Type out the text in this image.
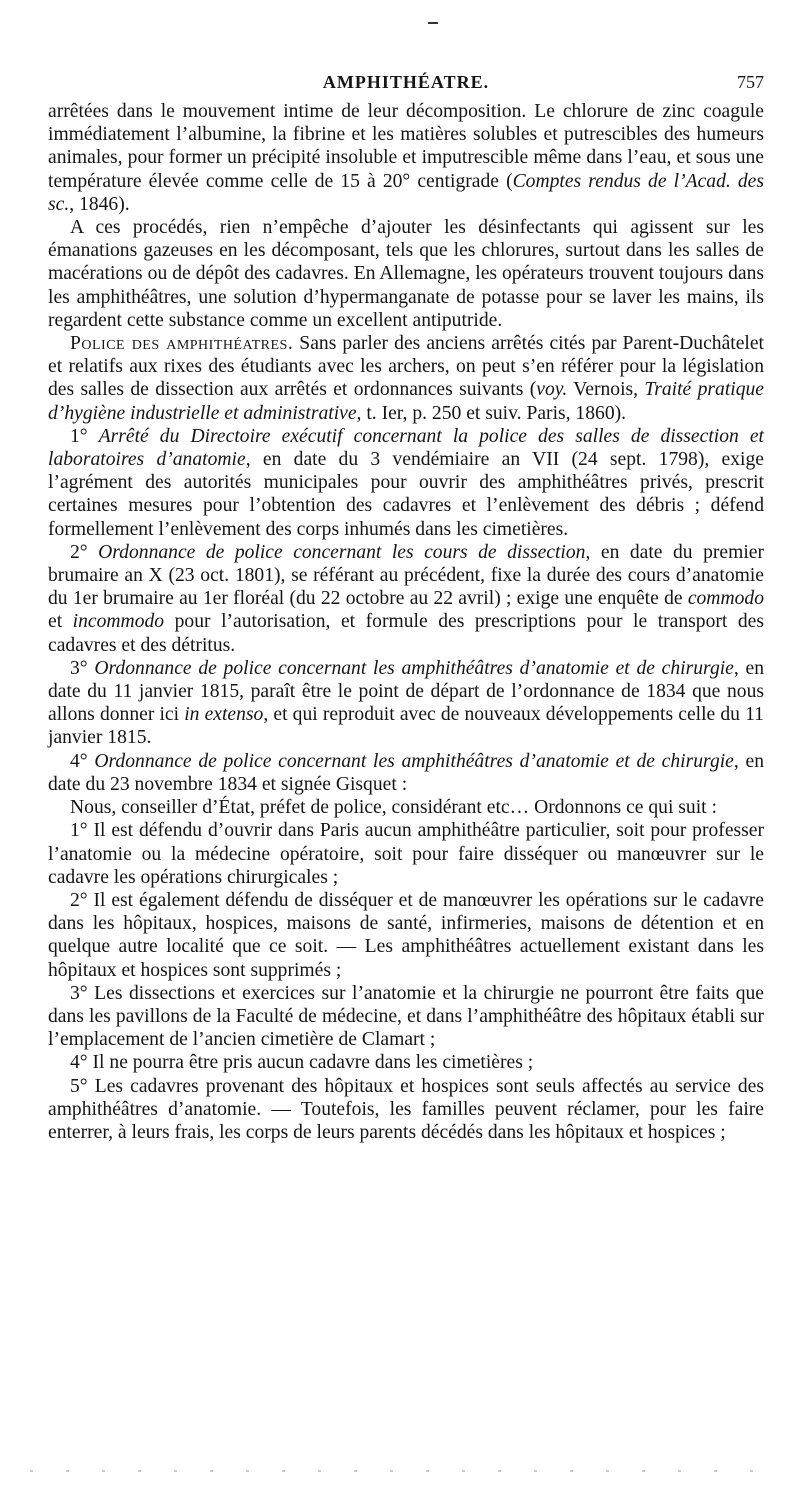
AMPHITHÉATRE.	757

arrêtées dans le mouvement intime de leur décomposition. Le chlorure de zinc coagule immédiatement l’albumine, la fibrine et les matières solubles et putrescibles des humeurs animales, pour former un précipité insoluble et imputrescible même dans l’eau, et sous une température élevée comme celle de 15 à 20° centigrade (Comptes rendus de l’Acad. des sc., 1846).

A ces procédés, rien n’empêche d’ajouter les désinfectants qui agissent sur les émanations gazeuses en les décomposant, tels que les chlorures, surtout dans les salles de macérations ou de dépôt des cadavres. En Allemagne, les opérateurs trouvent toujours dans les amphithéâtres, une solution d’hypermanganate de potasse pour se laver les mains, ils regardent cette substance comme un excellent antiputride.

Police des amphithéatres. Sans parler des anciens arrêtés cités par Parent-Duchâtelet et relatifs aux rixes des étudiants avec les archers, on peut s’en référer pour la législation des salles de dissection aux arrêtés et ordonnances suivants (voy. Vernois, Traité pratique d’hygiène industrielle et administrative, t. Ier, p. 250 et suiv. Paris, 1860).

1° Arrêté du Directoire exécutif concernant la police des salles de dissection et laboratoires d’anatomie, en date du 3 vendémiaire an VII (24 sept. 1798), exige l’agrément des autorités municipales pour ouvrir des amphithéâtres privés, prescrit certaines mesures pour l’obtention des cadavres et l’enlèvement des débris ; défend formellement l’enlèvement des corps inhumés dans les cimetières.

2° Ordonnance de police concernant les cours de dissection, en date du premier brumaire an X (23 oct. 1801), se référant au précédent, fixe la durée des cours d’anatomie du 1er brumaire au 1er floréal (du 22 octobre au 22 avril) ; exige une enquête de commodo et incommodo pour l’autorisation, et formule des prescriptions pour le transport des cadavres et des détritus.

3° Ordonnance de police concernant les amphithéâtres d’anatomie et de chirurgie, en date du 11 janvier 1815, paraît être le point de départ de l’ordonnance de 1834 que nous allons donner ici in extenso, et qui reproduit avec de nouveaux développements celle du 11 janvier 1815.

4° Ordonnance de police concernant les amphithéâtres d’anatomie et de chirurgie, en date du 23 novembre 1834 et signée Gisquet :

Nous, conseiller d’État, préfet de police, considérant etc… Ordonnons ce qui suit :

1° Il est défendu d’ouvrir dans Paris aucun amphithéâtre particulier, soit pour professer l’anatomie ou la médecine opératoire, soit pour faire disséquer ou manœuvrer sur le cadavre les opérations chirurgicales ;

2° Il est également défendu de disséquer et de manœuvrer les opérations sur le cadavre dans les hôpitaux, hospices, maisons de santé, infirmeries, maisons de détention et en quelque autre localité que ce soit. — Les amphithéâtres actuellement existant dans les hôpitaux et hospices sont supprimés ;

3° Les dissections et exercices sur l’anatomie et la chirurgie ne pourront être faits que dans les pavillons de la Faculté de médecine, et dans l’amphithéâtre des hôpitaux établi sur l’emplacement de l’ancien cimetière de Clamart ;

4° Il ne pourra être pris aucun cadavre dans les cimetières ;

5° Les cadavres provenant des hôpitaux et hospices sont seuls affectés au service des amphithéâtres d’anatomie. — Toutefois, les familles peuvent réclamer, pour les faire enterrer, à leurs frais, les corps de leurs parents décédés dans les hôpitaux et hospices ;
